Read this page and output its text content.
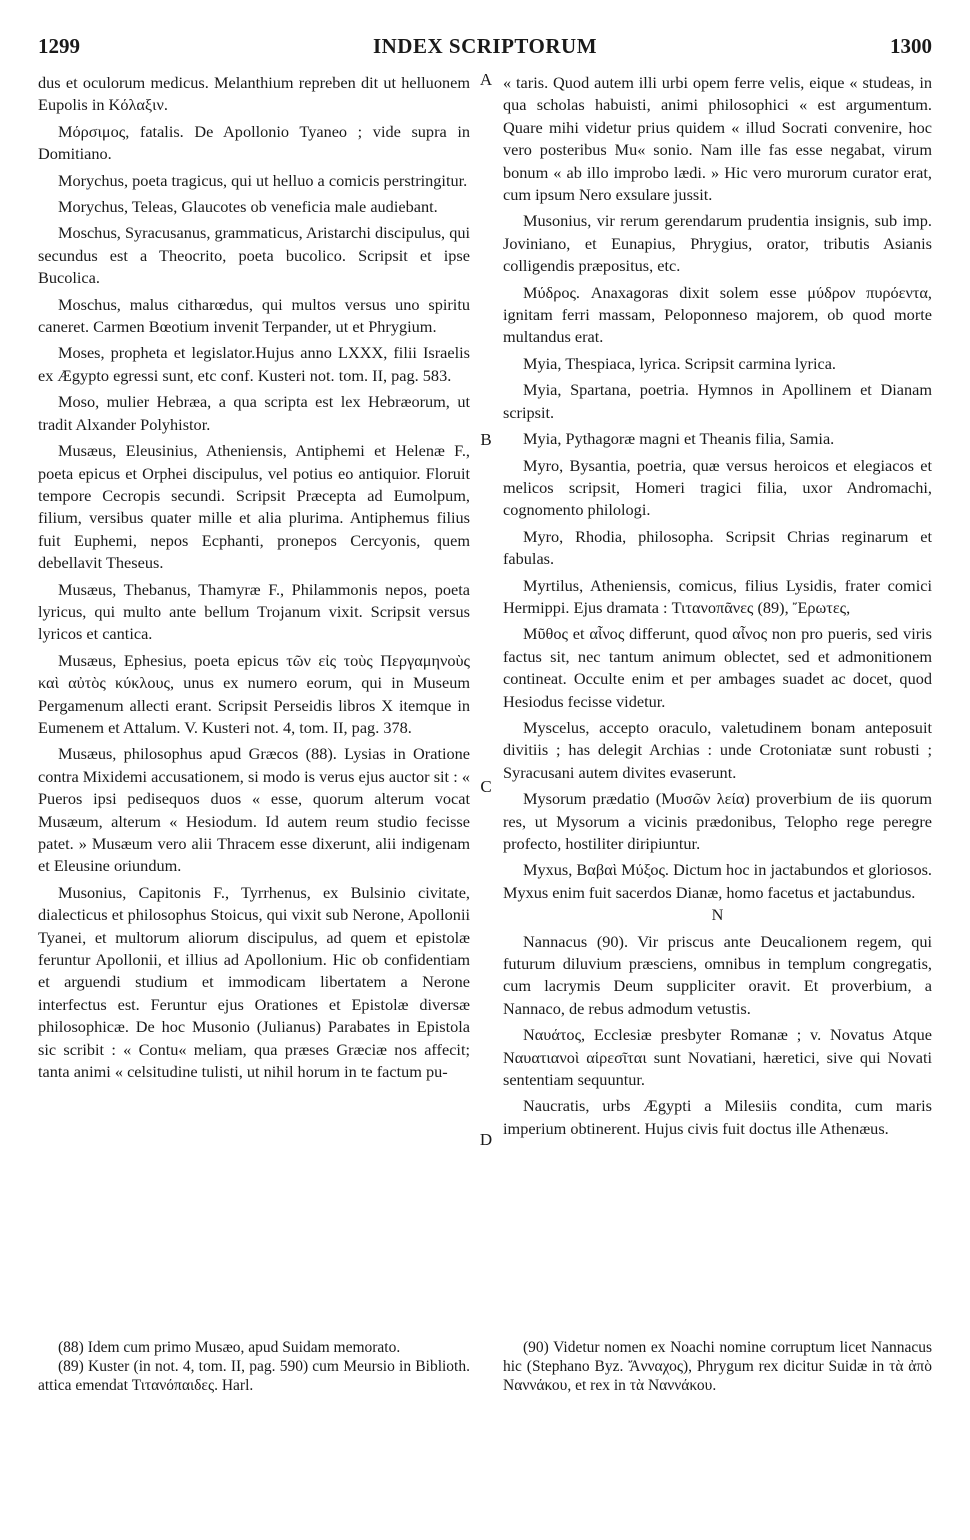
1299	INDEX SCRIPTORUM	1300
A
B
C
D

dus et oculorum medicus. Melanthium repreben dit ut helluonem Eupolis in Κόλαξιν.

Μόρσιμος, fatalis. De Apollonio Tyaneo ; vide supra in Domitiano.

Morychus, poeta tragicus, qui ut helluo a comicis perstringitur.

Morychus, Teleas, Glaucotes ob veneficia male audiebant.

Moschus, Syracusanus, grammaticus, Aristarchi discipulus, qui secundus est a Theocrito, poeta bucolico. Scripsit et ipse Bucolica.

Moschus, malus citharœdus, qui multos versus uno spiritu caneret. Carmen Bœotium invenit Terpander, ut et Phrygium.

Moses, propheta et legislator.Hujus anno LXXX, filii Israelis ex Ægypto egressi sunt, etc conf. Kusteri not. tom. II, pag. 583.

Moso, mulier Hebræa, a qua scripta est lex Hebræorum, ut tradit Alxander Polyhistor.

Musæus, Eleusinius, Atheniensis, Antiphemi et Helenæ F., poeta epicus et Orphei discipulus, vel potius eo antiquior. Floruit tempore Cecropis secundi. Scripsit Præcepta ad Eumolpum, filium, versibus quater mille et alia plurima. Antiphemus filius fuit Euphemi, nepos Ecphanti, pronepos Cercyonis, quem debellavit Theseus.

Musæus, Thebanus, Thamyræ F., Philammonis nepos, poeta lyricus, qui multo ante bellum Trojanum vixit. Scripsit versus lyricos et cantica.

Musæus, Ephesius, poeta epicus τῶν εἰς τοὺς Περγαμηνοὺς καὶ αὐτὸς κύκλους, unus ex numero eorum, qui in Museum Pergamenum allecti erant. Scripsit Perseidis libros X itemque in Eumenem et Attalum. V. Kusteri not. 4, tom. II, pag. 378.

Musæus, philosophus apud Græcos (88). Lysias in Oratione contra Mixidemi accusationem, si modo is verus ejus auctor sit : « Pueros ipsi pedisequos duos « esse, quorum alterum vocat Musæum, alterum « Hesiodum. Id autem reum studio fecisse patet. » Musæum vero alii Thracem esse dixerunt, alii indigenam et Eleusine oriundum.

Musonius, Capitonis F., Tyrrhenus, ex Bulsinio civitate, dialecticus et philosophus Stoicus, qui vixit sub Nerone, Apollonii Tyanei, et multorum aliorum discipulus, ad quem et epistolæ feruntur Apollonii, et illius ad Apollonium. Hic ob confidentiam et arguendi studium et immodicam libertatem a Nerone interfectus est. Feruntur ejus Orationes et Epistolæ diversæ philosophicæ. De hoc Musonio (Julianus) Parabates in Epistola sic scribit : « Contu« meliam, qua præses Græciæ nos affecit; tanta animi « celsitudine tulisti, ut nihil horum in te factum pu-

« taris. Quod autem illi urbi opem ferre velis, eique « studeas, in qua scholas habuisti, animi philosophici « est argumentum. Quare mihi videtur prius quidem « illud Socrati convenire, hoc vero posteribus Mu« sonio. Nam ille fas esse negabat, virum bonum « ab illo improbo lædi. » Hic vero murorum curator erat, cum ipsum Nero exsulare jussit.

Musonius, vir rerum gerendarum prudentia insignis, sub imp. Joviniano, et Eunapius, Phrygius, orator, tributis Asianis colligendis præpositus, etc.

Μύδρος. Anaxagoras dixit solem esse μύδρον πυρόεντα, ignitam ferri massam, Peloponneso majorem, ob quod morte multandus erat.

Myia, Thespiaca, lyrica. Scripsit carmina lyrica.

Myia, Spartana, poetria. Hymnos in Apollinem et Dianam scripsit.

Myia, Pythagoræ magni et Theanis filia, Samia.

Myro, Bysantia, poetria, quæ versus heroicos et elegiacos et melicos scripsit, Homeri tragici filia, uxor Andromachi, cognomento philologi.

Myro, Rhodia, philosopha. Scripsit Chrias reginarum et fabulas.

Myrtilus, Atheniensis, comicus, filius Lysidis, frater comici Hermippi. Ejus dramata : Τιτανοπᾶνες (89), Ἔρωτες,

Μῦθος et αἶνος differunt, quod αἶνος non pro pueris, sed viris factus sit, nec tantum animum oblectet, sed et admonitionem contineat. Occulte enim et per ambages suadet ac docet, quod Hesiodus fecisse videtur.

Myscelus, accepto oraculo, valetudinem bonam anteposuit divitiis ; has delegit Archias : unde Crotoniatæ sunt robusti ; Syracusani autem divites evaserunt.

Mysorum prædatio (Μυσῶν λεία) proverbium de iis quorum res, ut Mysorum a vicinis prædonibus, Telopho rege peregre profecto, hostiliter diripiuntur.

Myxus, Βαβαὶ Μύξος. Dictum hoc in jactabundos et gloriosos. Myxus enim fuit sacerdos Dianæ, homo facetus et jactabundus.

N

Nannacus (90). Vir priscus ante Deucalionem regem, qui futurum diluvium præsciens, omnibus in templum congregatis, cum lacrymis Deum suppliciter oravit. Et proverbium, a Nannaco, de rebus admodum vetustis.

Ναυάτος, Ecclesiæ presbyter Romanæ ; v. Novatus Atque Ναυατιανοὶ αἱρεσῖται sunt Novatiani, hæretici, sive qui Novati sententiam sequuntur.

Naucratis, urbs Ægypti a Milesiis condita, cum maris imperium obtinerent. Hujus civis fuit doctus ille Athenæus.

(88) Idem cum primo Musæo, apud Suidam memorato.

(89) Kuster (in not. 4, tom. II, pag. 590) cum Meursio in Biblioth. attica emendat Τιτανόπαιδες. Harl.

(90) Videtur nomen ex Noachi nomine corruptum licet Nannacus hic (Stephano Byz. Ἄνναχος), Phrygum rex dicitur Suidæ in τὰ ἀπὸ Ναννάκου, et rex in τὰ Ναννάκου.
